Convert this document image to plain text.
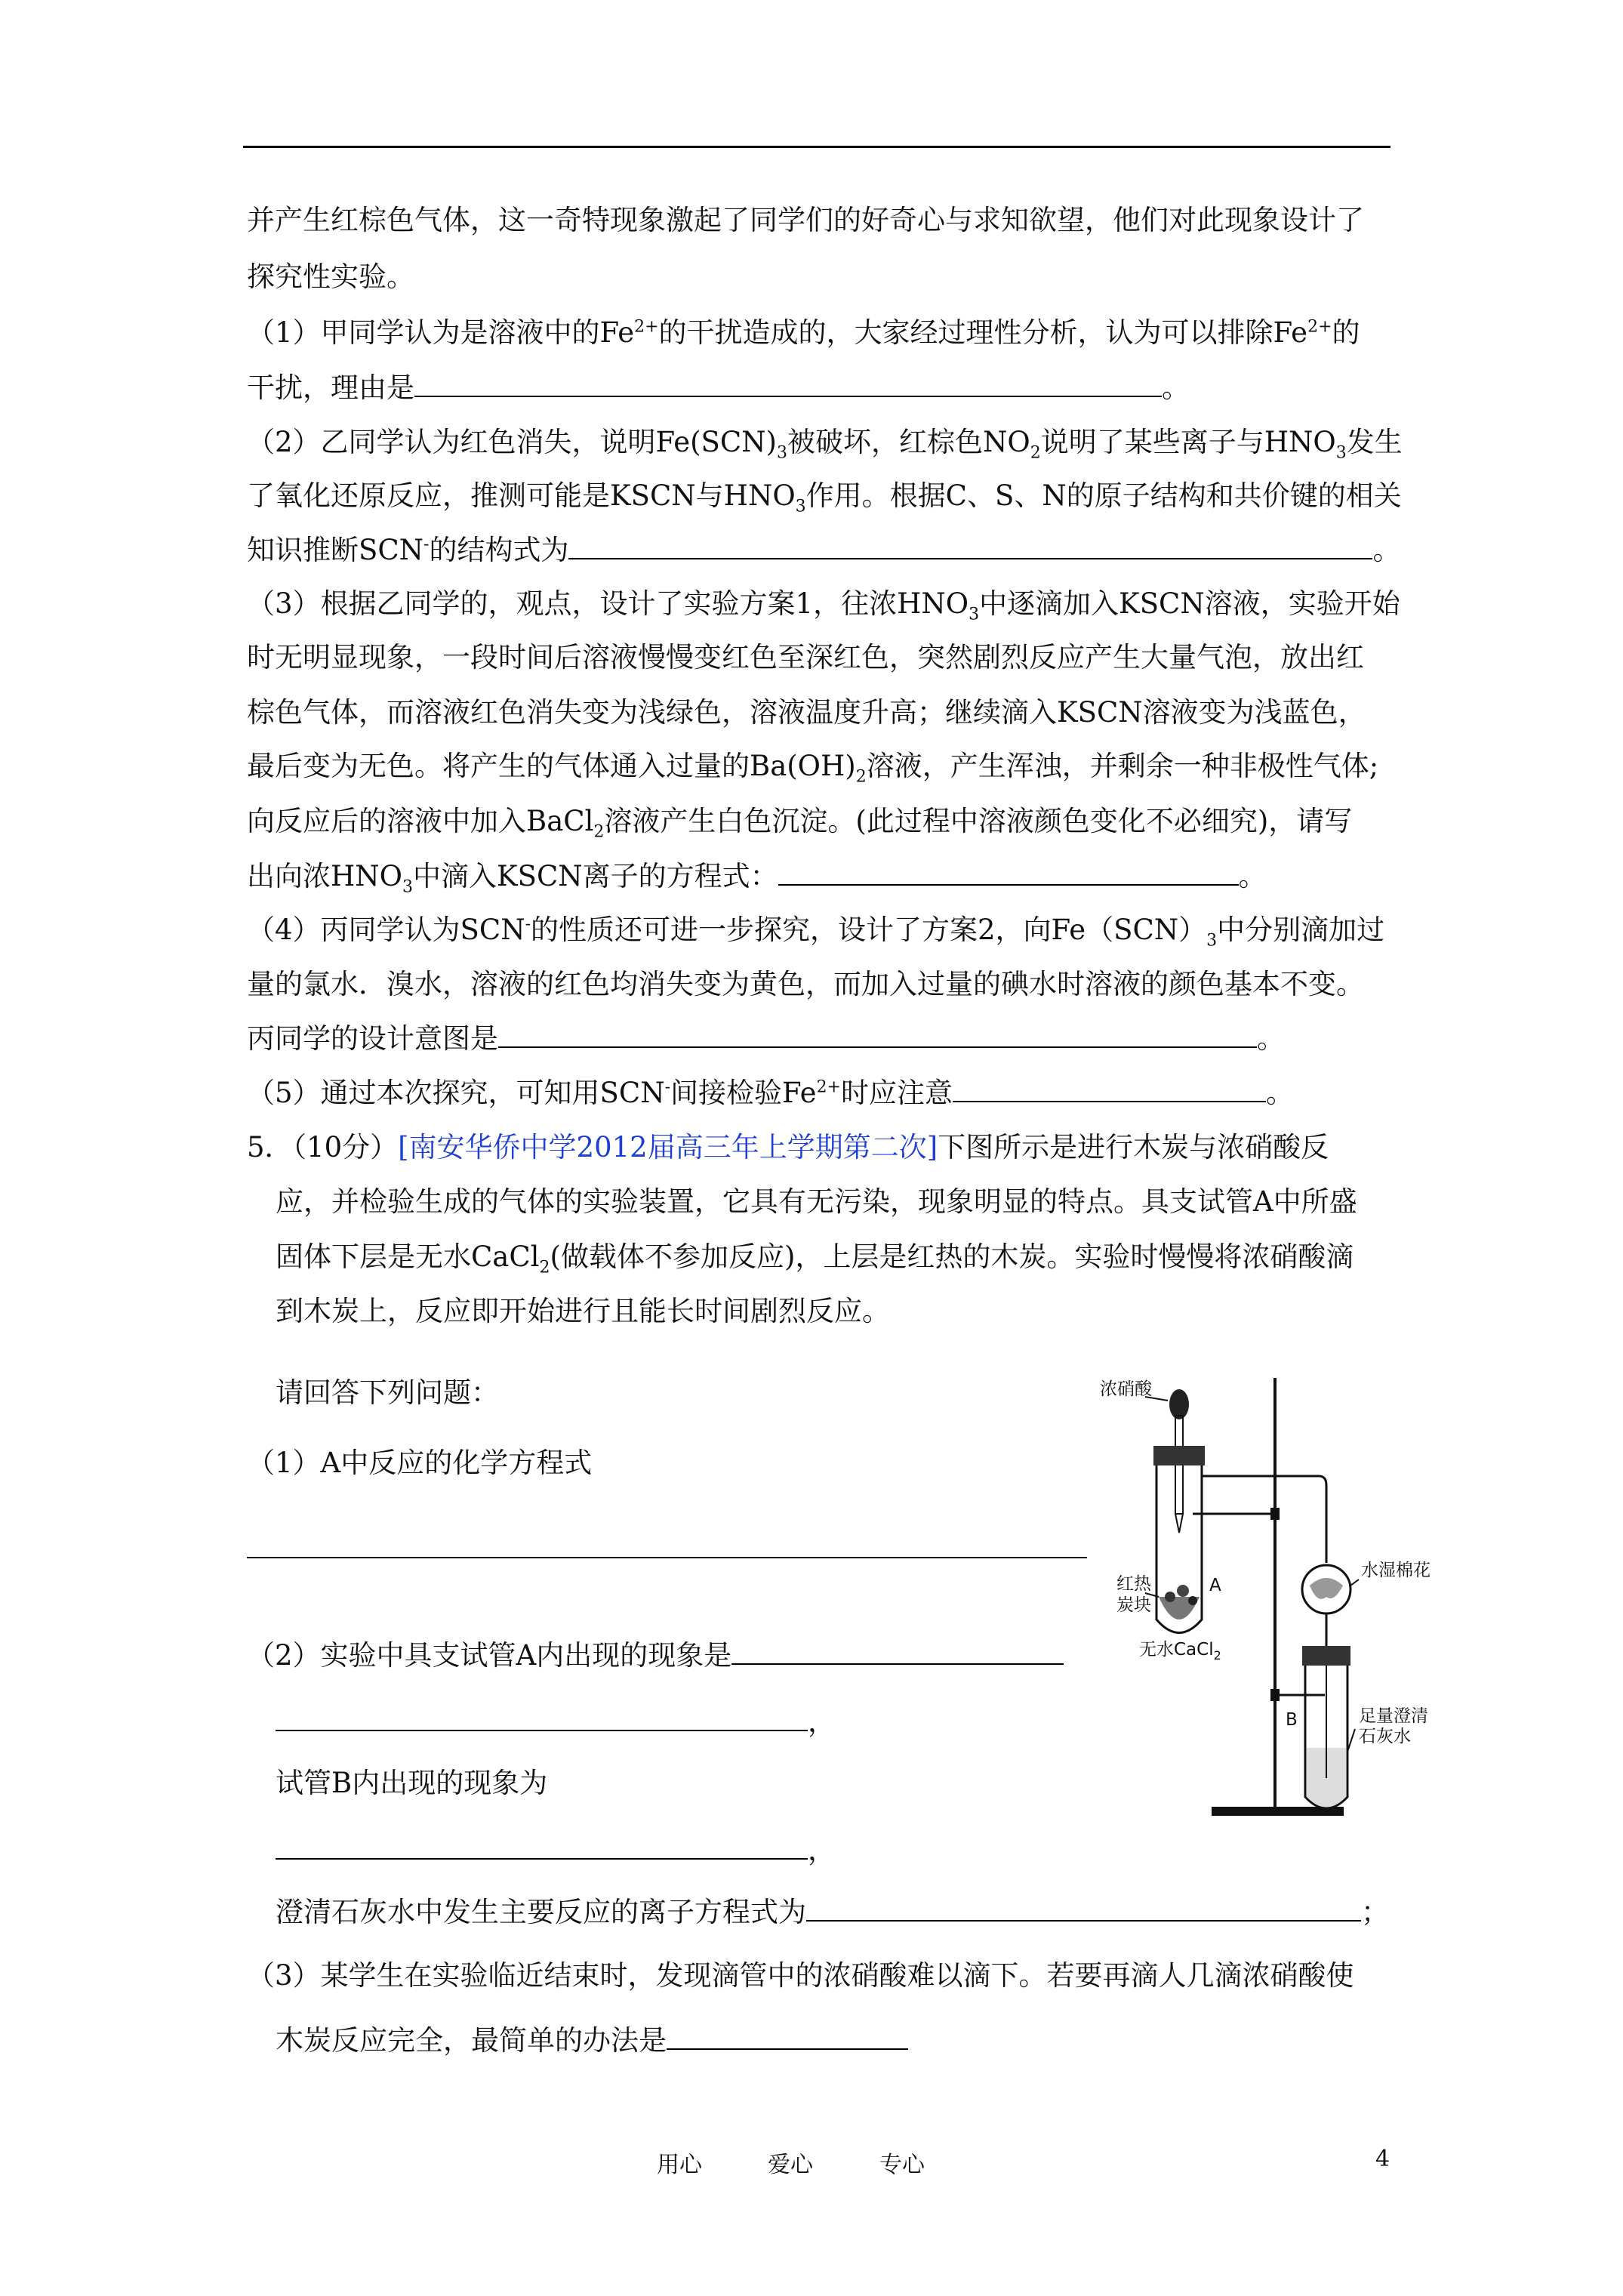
并产生红棕色气体，这一奇特现象激起了同学们的好奇心与求知欲望，他们对此现象设计了
探究性实验。
（1）甲同学认为是溶液中的$Fe^{2+}$的干扰造成的，大家经过理性分析，认为可以排除$Fe^{2+}$的
干扰，理由是	。
（2）乙同学认为红色消失，说明$Fe(SCN)_3$被破坏，红棕色$NO_2$说明了某些离子与$HNO_3$发生
了氧化还原反应，推测可能是KSCN与$HNO_3$作用。根据C、S、N的原子结构和共价键的相关
知识推断SCN-的结构式为	。
（3）根据乙同学的，观点，设计了实验方案1，往浓$HNO_3$中逐滴加入KSCN溶液，实验开始
时无明显现象，一段时间后溶液慢慢变红色至深红色，突然剧烈反应产生大量气泡，放出红
棕色气体，而溶液红色消失变为浅绿色，溶液温度升高；继续滴入KSCN溶液变为浅蓝色，
最后变为无色。将产生的气体通入过量的$Ba(OH)_2$溶液，产生浑浊，并剩余一种非极性气体;
向反应后的溶液中加入BaCl$_2$溶液产生白色沉淀。(此过程中溶液颜色变化不必细究)，请写
出向浓$HNO_3$中滴入KSCN离子的方程式：	。
（4）丙同学认为SCN-的性质还可进一步探究，设计了方案2，向$Fe(SCN)_3$中分别滴加过
量的氯水．溴水，溶液的红色均消失变为黄色，而加入过量的碘水时溶液的颜色基本不变。
丙同学的设计意图是	。
（5）通过本次探究，可知用SCN-间接检验$Fe^{2+}$时应注意	。
5．（10分）[南安华侨中学2012届高三年上学期第二次]下图所示是进行木炭与浓硝酸反
应，并检验生成的气体的实验装置，它具有无污染，现象明显的特点。具支试管A中所盛
固体下层是无水CaCl$_2$(做载体不参加反应)，上层是红热的木炭。实验时慢慢将浓硝酸滴
到木炭上，反应即开始进行且能长时间剧烈反应。
请回答下列问题：
（1）A中反应的化学方程式
（2）实验中具支试管A内出现的现象是
，
试管B内出现的现象为
，
澄清石灰水中发生主要反应的离子方程式为	；
（3）某学生在实验临近结束时，发现滴管中的浓硝酸难以滴下。若要再滴人几滴浓硝酸使
木炭反应完全，最简单的办法是
浓硝酸
水湿棉花
红热
炭块
A
无水CaCl$_2$
B	足量澄清
石灰水
用心	爱心	专心	4
